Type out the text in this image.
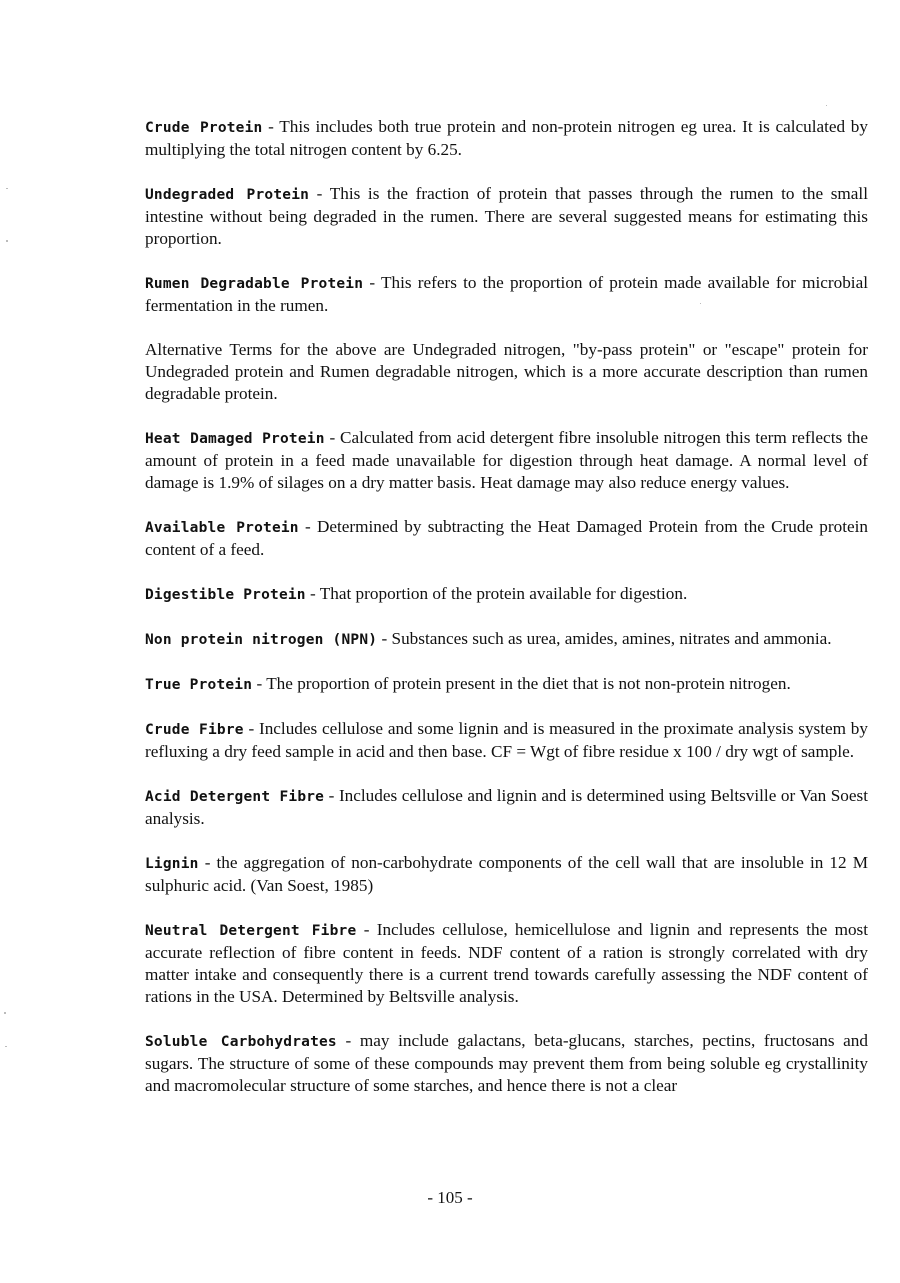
Crude Protein - This includes both true protein and non-protein nitrogen eg urea. It is calculated by multiplying the total nitrogen content by 6.25.

Undegraded Protein - This is the fraction of protein that passes through the rumen to the small intestine without being degraded in the rumen. There are several suggested means for estimating this proportion.

Rumen Degradable Protein - This refers to the proportion of protein made available for microbial fermentation in the rumen.

Alternative Terms for the above are Undegraded nitrogen, "by-pass protein" or "escape" protein for Undegraded protein and Rumen degradable nitrogen, which is a more accurate description than rumen degradable protein.

Heat Damaged Protein - Calculated from acid detergent fibre insoluble nitrogen this term reflects the amount of protein in a feed made unavailable for digestion through heat damage. A normal level of damage is 1.9% of silages on a dry matter basis. Heat damage may also reduce energy values.

Available Protein - Determined by subtracting the Heat Damaged Protein from the Crude protein content of a feed.

Digestible Protein - That proportion of the protein available for digestion.

Non protein nitrogen (NPN) - Substances such as urea, amides, amines, nitrates and ammonia.

True Protein - The proportion of protein present in the diet that is not non-protein nitrogen.

Crude Fibre - Includes cellulose and some lignin and is measured in the proximate analysis system by refluxing a dry feed sample in acid and then base. CF = Wgt of fibre residue x 100 / dry wgt of sample.

Acid Detergent Fibre - Includes cellulose and lignin and is determined using Beltsville or Van Soest analysis.

Lignin - the aggregation of non-carbohydrate components of the cell wall that are insoluble in 12 M sulphuric acid. (Van Soest, 1985)

Neutral Detergent Fibre - Includes cellulose, hemicellulose and lignin and represents the most accurate reflection of fibre content in feeds. NDF content of a ration is strongly correlated with dry matter intake and consequently there is a current trend towards carefully assessing the NDF content of rations in the USA. Determined by Beltsville analysis.

Soluble Carbohydrates - may include galactans, beta-glucans, starches, pectins, fructosans and sugars. The structure of some of these compounds may prevent them from being soluble eg crystallinity and macromolecular structure of some starches, and hence there is not a clear

- 105 -
